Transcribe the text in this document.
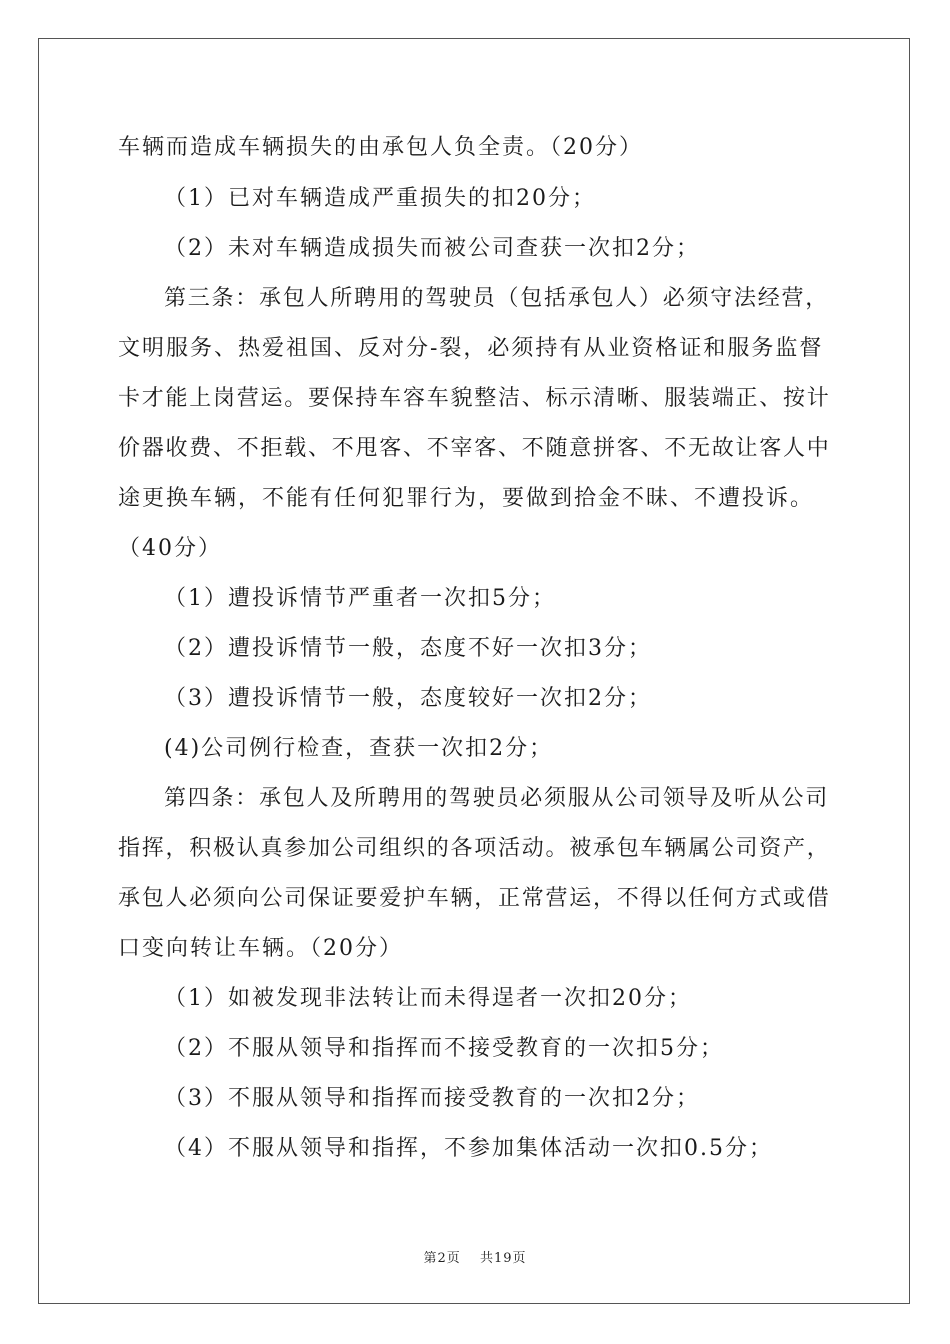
车辆而造成车辆损失的由承包人负全责。（20分）
（1）已对车辆造成严重损失的扣20分；
（2）未对车辆造成损失而被公司查获一次扣2分；
第三条：承包人所聘用的驾驶员（包括承包人）必须守法经营，
文明服务、热爱祖国、反对分-裂，必须持有从业资格证和服务监督
卡才能上岗营运。要保持车容车貌整洁、标示清晰、服装端正、按计
价器收费、不拒载、不甩客、不宰客、不随意拼客、不无故让客人中
途更换车辆，不能有任何犯罪行为，要做到拾金不昧、不遭投诉。
（40分）
（1）遭投诉情节严重者一次扣5分；
（2）遭投诉情节一般，态度不好一次扣3分；
（3）遭投诉情节一般，态度较好一次扣2分；
(4)公司例行检查，查获一次扣2分；
第四条：承包人及所聘用的驾驶员必须服从公司领导及听从公司
指挥，积极认真参加公司组织的各项活动。被承包车辆属公司资产，
承包人必须向公司保证要爱护车辆，正常营运，不得以任何方式或借
口变向转让车辆。（20分）
（1）如被发现非法转让而未得逞者一次扣20分；
（2）不服从领导和指挥而不接受教育的一次扣5分；
（3）不服从领导和指挥而接受教育的一次扣2分；
（4）不服从领导和指挥，不参加集体活动一次扣0.5分；
第2页 共19页
